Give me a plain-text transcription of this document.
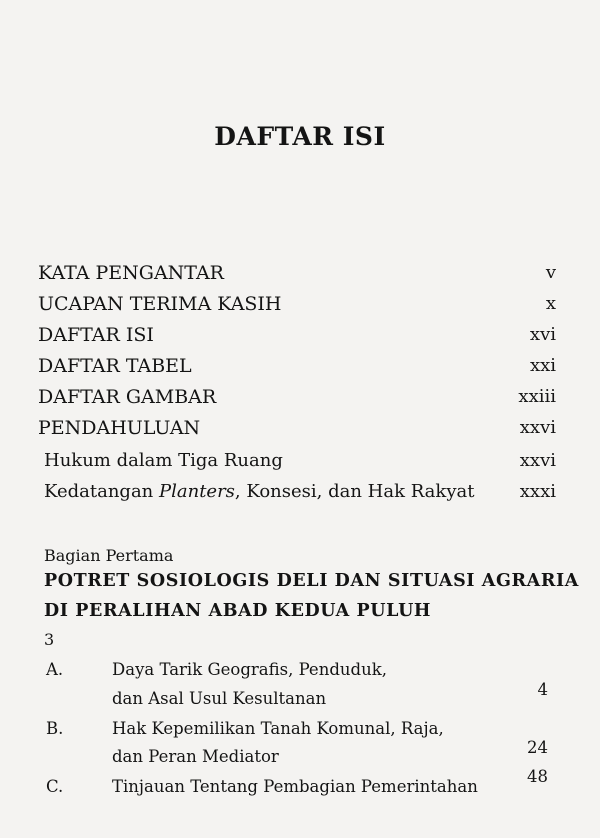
DAFTAR ISI
KATA PENGANTAR	v
UCAPAN TERIMA KASIH	x
DAFTAR ISI	xvi
DAFTAR TABEL	xxi
DAFTAR GAMBAR	xxiii
PENDAHULUAN	xxvi
Hukum dalam Tiga Ruang	xxvi
Kedatangan Planters, Konsesi, dan Hak Rakyat	xxxi
Bagian Pertama
POTRET SOSIOLOGIS DELI DAN SITUASI AGRARIA
DI PERALIHAN ABAD KEDUA PULUH
3
A.	Daya Tarik Geografis, Penduduk,
dan Asal Usul Kesultanan	4
B.	Hak Kepemilikan Tanah Komunal, Raja,
dan Peran Mediator	24
C.	Tinjauan Tentang Pembagian Pemerintahan
48
